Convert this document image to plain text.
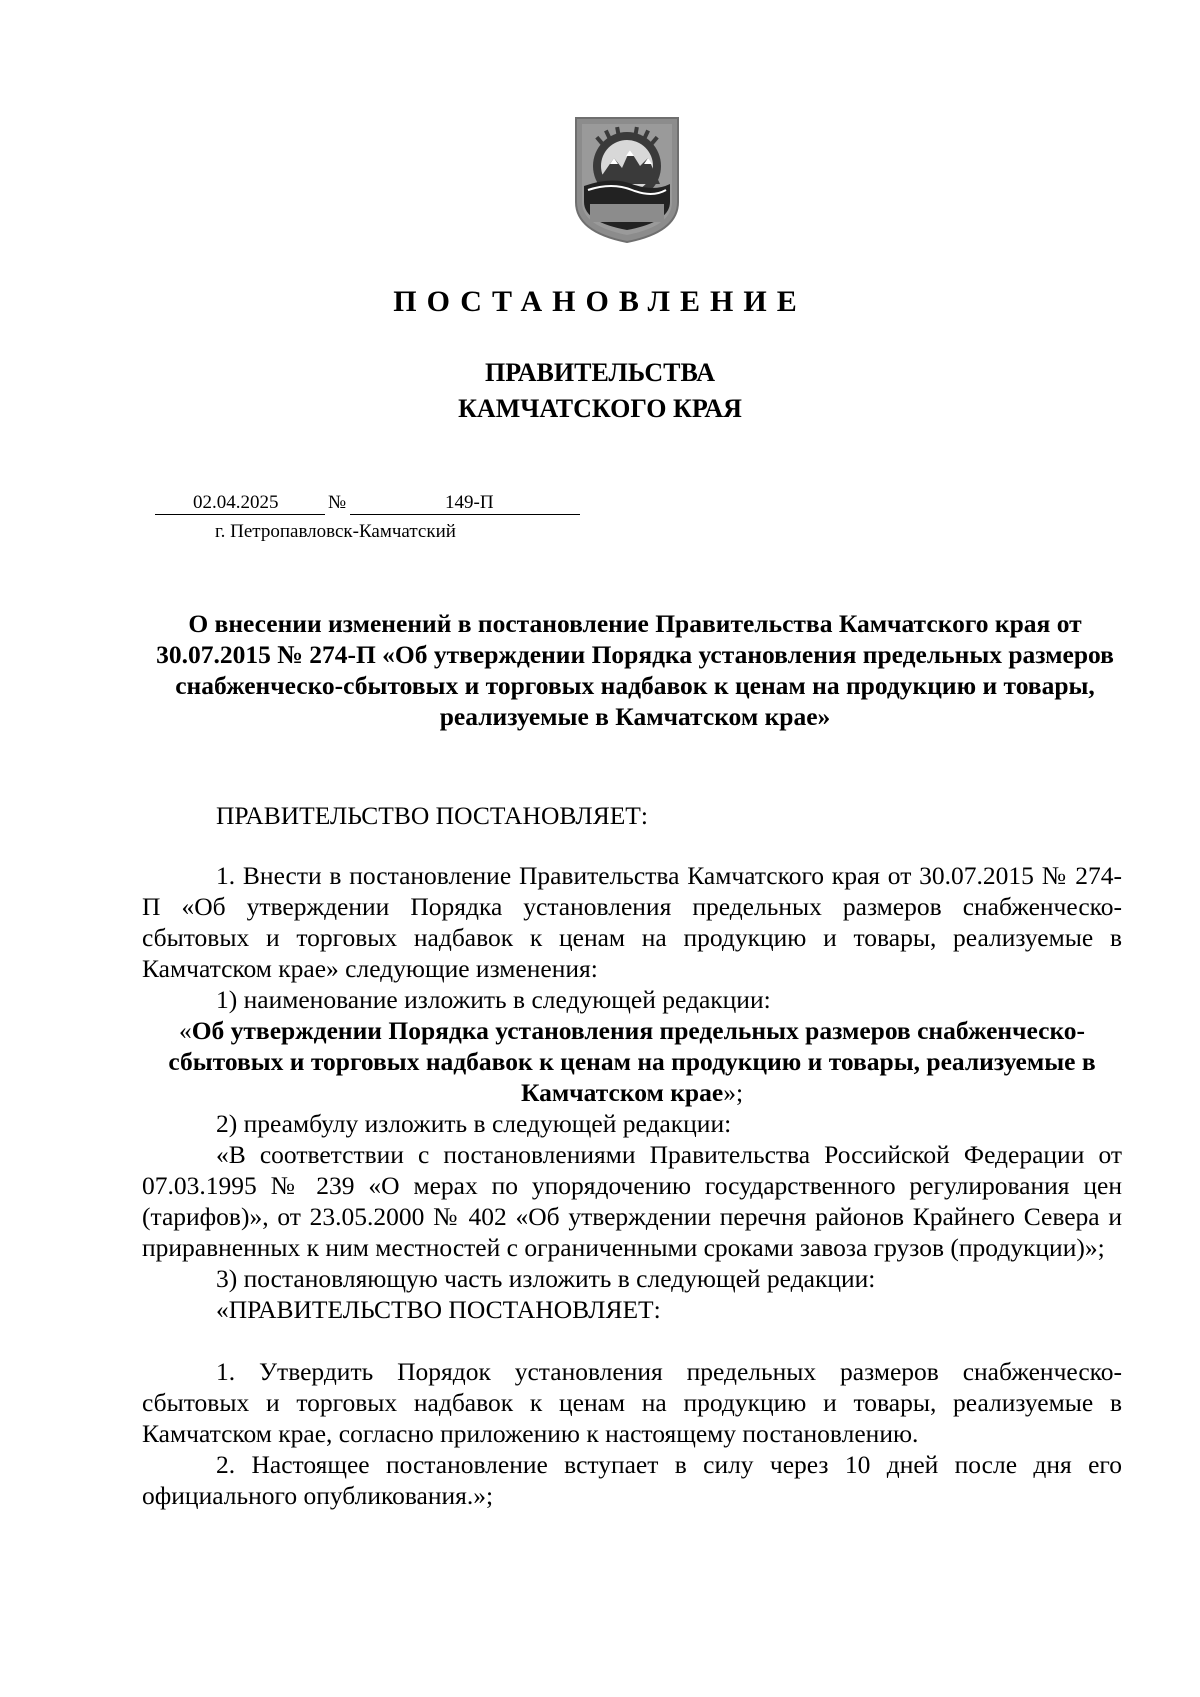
ПОСТАНОВЛЕНИЕ
ПРАВИТЕЛЬСТВА
КАМЧАТСКОГО КРАЯ
02.04.2025	№	149-П
г. Петропавловск-Камчатский
О внесении изменений в постановление Правительства Камчатского края от 30.07.2015 № 274-П «Об утверждении Порядка установления предельных размеров снабженческо-сбытовых и торговых надбавок к ценам на продукцию и товары, реализуемые в Камчатском крае»

ПРАВИТЕЛЬСТВО ПОСТАНОВЛЯЕТ:

1. Внести в постановление Правительства Камчатского края от 30.07.2015 № 274-П «Об утверждении Порядка установления предельных размеров снабженческо-сбытовых и торговых надбавок к ценам на продукцию и товары, реализуемые в Камчатском крае» следующие изменения:

1) наименование изложить в следующей редакции:

«Об утверждении Порядка установления предельных размеров снабженческо-сбытовых и торговых надбавок к ценам на продукцию и товары, реализуемые в Камчатском крае»;

2) преамбулу изложить в следующей редакции:

«В соответствии с постановлениями Правительства Российской Федерации от 07.03.1995 № 239 «О мерах по упорядочению государственного регулирования цен (тарифов)», от 23.05.2000 № 402 «Об утверждении перечня районов Крайнего Севера и приравненных к ним местностей с ограниченными сроками завоза грузов (продукции)»;

3) постановляющую часть изложить в следующей редакции:

«ПРАВИТЕЛЬСТВО ПОСТАНОВЛЯЕТ:

1. Утвердить Порядок установления предельных размеров снабженческо-сбытовых и торговых надбавок к ценам на продукцию и товары, реализуемые в Камчатском крае, согласно приложению к настоящему постановлению.

2. Настоящее постановление вступает в силу через 10 дней после дня его официального опубликования.»;
